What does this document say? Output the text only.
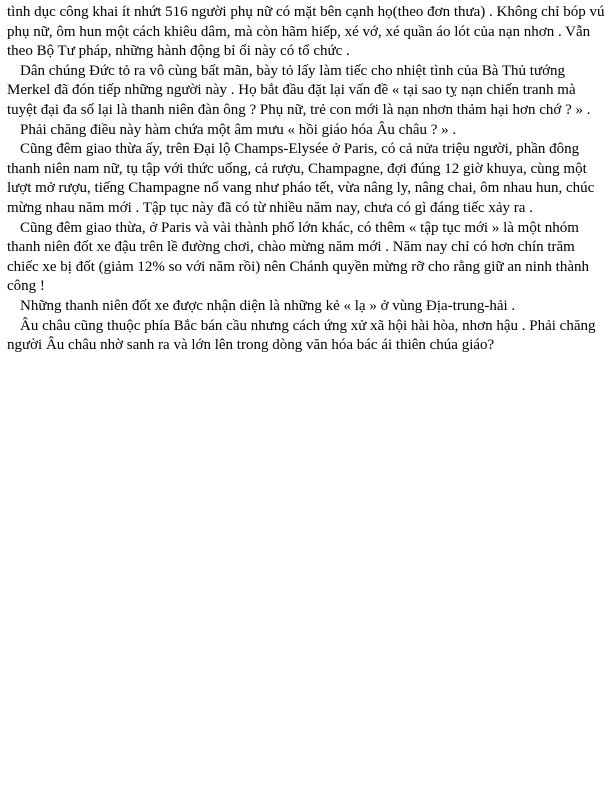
tình dục công khai ít nhứt 516 người phụ nữ có mặt bên cạnh họ(theo đơn thưa) . Không chỉ bóp vú phụ nữ, ôm hun một cách khiêu dâm, mà còn hãm hiếp, xé vớ, xé quần áo lót của nạn nhơn . Vẫn theo Bộ Tư pháp, những hành động bỉ ổi này có tổ chức .

Dân chúng Đức tỏ ra vô cùng bất mãn, bày tỏ lấy làm tiếc cho nhiệt tình của Bà Thủ tướng Merkel đã đón tiếp những người này . Họ bắt đầu đặt lại vấn đề « tại sao tỵ nạn chiến tranh mà tuyệt đại đa số lại là thanh niên đàn ông ? Phụ nữ, trẻ con mới là nạn nhơn thảm hại hơn chớ ? » .

Phải chăng điều này hàm chứa một âm mưu « hồi giáo hóa Âu châu ? » .

Cũng đêm giao thừa ấy, trên Đại lộ Champs-Elysée ở Paris, có cả nửa triệu người, phần đông thanh niên nam nữ, tụ tập với thức uống, cả rượu, Champagne, đợi đúng 12 giờ khuya, cùng một lượt mở rượu, tiếng Champagne nổ vang như pháo tết, vừa nâng ly, nâng chai, ôm nhau hun, chúc mừng nhau năm mới . Tập tục này đã có từ nhiều năm nay, chưa có gì đáng tiếc xảy ra .

Cũng đêm giao thừa, ở Paris và vài thành phố lớn khác, có thêm « tập tục mới » là một nhóm thanh niên đốt xe đậu trên lề đường chơi, chào mừng năm mới . Năm nay chỉ có hơn chín trăm chiếc xe bị đốt (giảm 12% so với năm rồi) nên Chánh quyền mừng rỡ cho rằng giữ an ninh thành công !

Những thanh niên đốt xe được nhận diện là những kẻ « lạ » ở vùng Địa-trung-hải .

Âu châu cũng thuộc phía Bắc bán cầu nhưng cách ứng xử xã hội hài hòa, nhơn hậu . Phải chăng người Âu châu nhờ sanh ra và lớn lên trong dòng văn hóa bác ái thiên chúa giáo?
